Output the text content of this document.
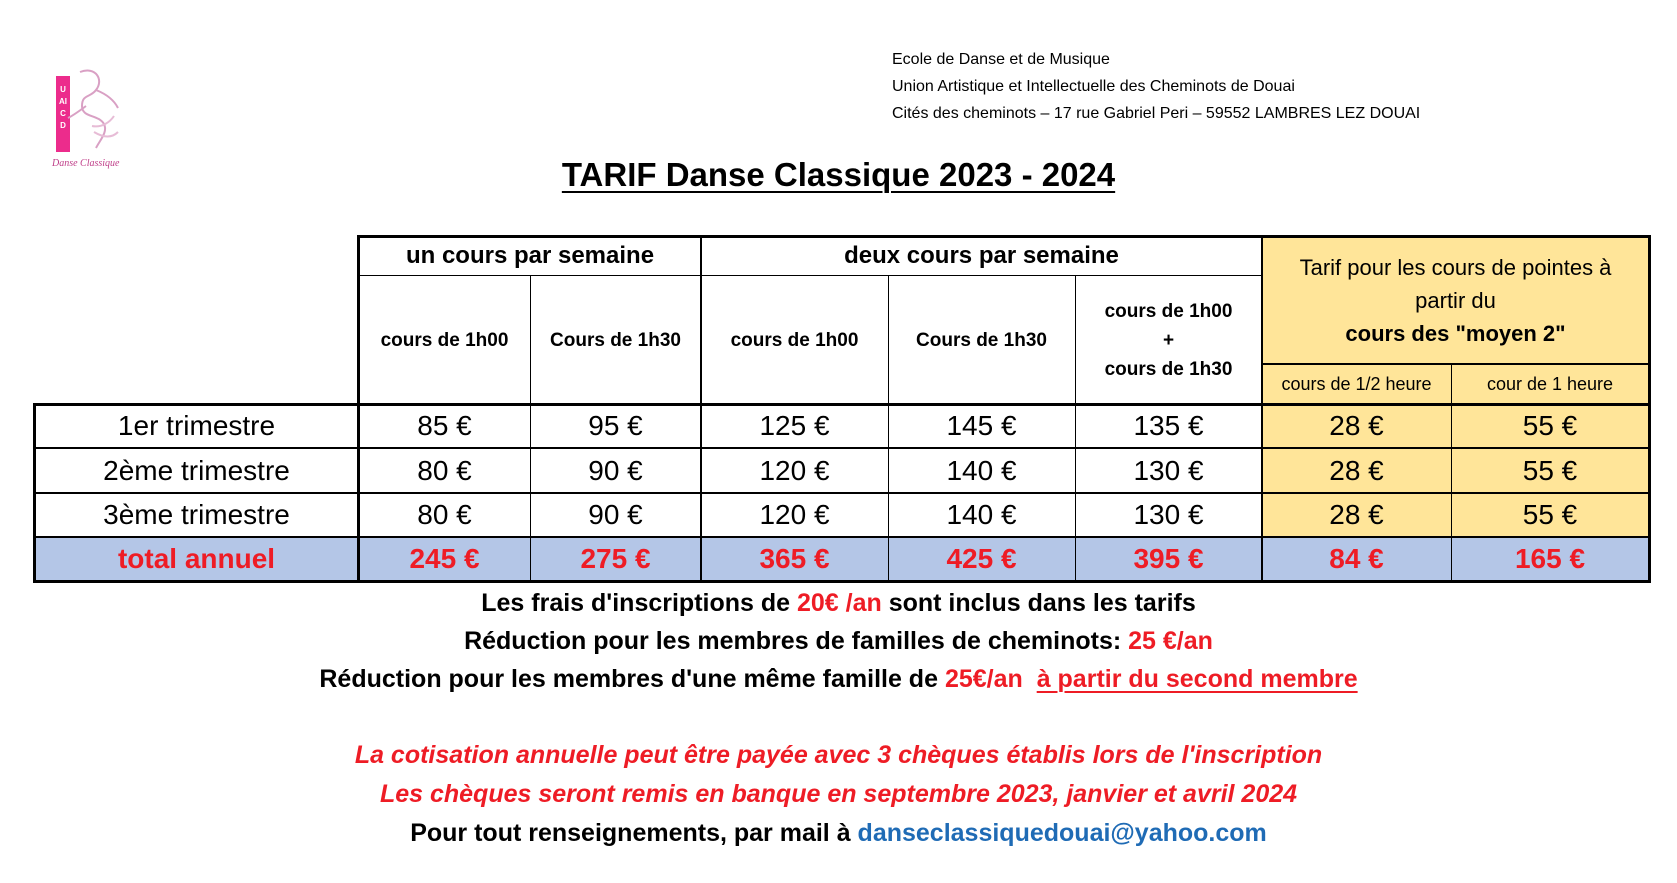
UAICD
Danse Classique
Ecole de Danse et de Musique
Union Artistique et Intellectuelle des Cheminots de Douai
Cités des cheminots – 17 rue Gabriel Peri – 59552 LAMBRES LEZ DOUAI
TARIF Danse Classique 2023 - 2024
un cours par semaine	deux cours par semaine	Tarif pour les cours de pointes à
partir du
cours des "moyen 2"
cours de 1h00	Cours de 1h30	cours de 1h00	Cours de 1h30
cours de 1h00
+
cours de 1h30
cours de 1/2 heure	cour de 1 heure
1er trimestre	85 €	95 €	125 €	145 €	135 €	28 €	55 €
2ème trimestre	80 €	90 €	120 €	140 €	130 €	28 €	55 €
3ème trimestre	80 €	90 €	120 €	140 €	130 €	28 €	55 €
total annuel	245 €	275 €	365 €	425 €	395 €	84 €	165 €
Les frais d'inscriptions de 20€ /an sont inclus dans les tarifs
Réduction pour les membres de familles de cheminots: 25 €/an
Réduction pour les membres d'une même famille de 25€/an à partir du second membre
La cotisation annuelle peut être payée avec 3 chèques établis lors de l'inscription
Les chèques seront remis en banque en septembre 2023, janvier et avril 2024
Pour tout renseignements, par mail à danseclassiquedouai@yahoo.com
